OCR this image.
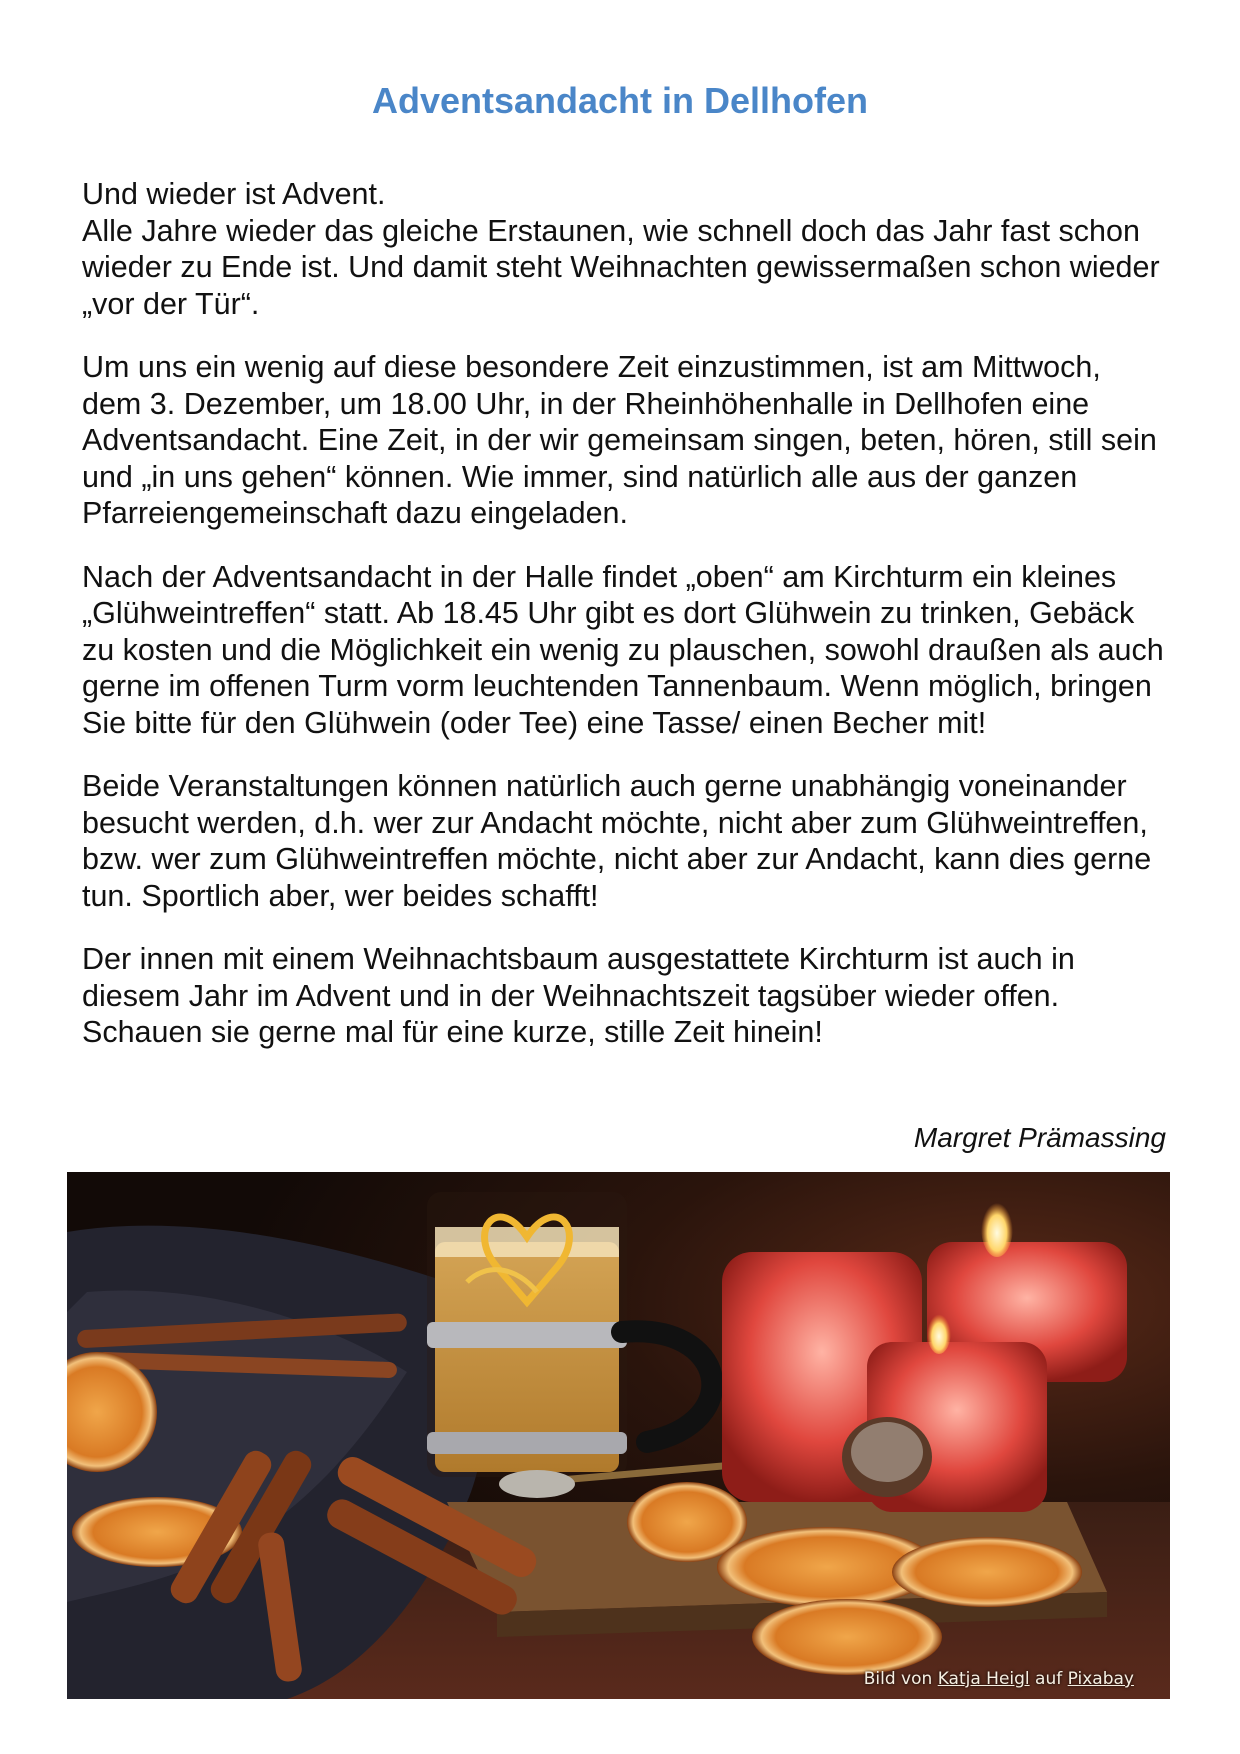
Adventsandacht in Dellhofen

Und wieder ist Advent.
Alle Jahre wieder das gleiche Erstaunen, wie schnell doch das Jahr fast schon wieder zu Ende ist. Und damit steht Weihnachten gewissermaßen schon wieder „vor der Tür“.

Um uns ein wenig auf diese besondere Zeit einzustimmen, ist am Mittwoch, dem 3. Dezember, um 18.00 Uhr, in der Rheinhöhenhalle in Dellhofen eine Adventsandacht. Eine Zeit, in der wir gemeinsam singen, beten, hören, still sein und „in uns gehen“ können. Wie immer, sind natürlich alle aus der ganzen Pfarreiengemeinschaft dazu eingeladen.

Nach der Adventsandacht in der Halle findet „oben“ am Kirchturm ein kleines „Glühweintreffen“ statt. Ab 18.45 Uhr gibt es dort Glühwein zu trinken, Gebäck zu kosten und die Möglichkeit ein wenig zu plauschen, sowohl draußen als auch gerne im offenen Turm vorm leuchtenden Tannenbaum. Wenn möglich, bringen Sie bitte für den Glühwein (oder Tee) eine Tasse/ einen Becher mit!

Beide Veranstaltungen können natürlich auch gerne unabhängig voneinander besucht werden, d.h. wer zur Andacht möchte, nicht aber zum Glühweintreffen, bzw. wer zum Glühweintreffen möchte, nicht aber zur Andacht, kann dies gerne tun. Sportlich aber, wer beides schafft!

Der innen mit einem Weihnachtsbaum ausgestattete Kirchturm ist auch in diesem Jahr im Advent und in der Weihnachtszeit tagsüber wieder offen. Schauen sie gerne mal für eine kurze, stille Zeit hinein!

Margret Prämassing

Bild von Katja Heigl auf Pixabay
